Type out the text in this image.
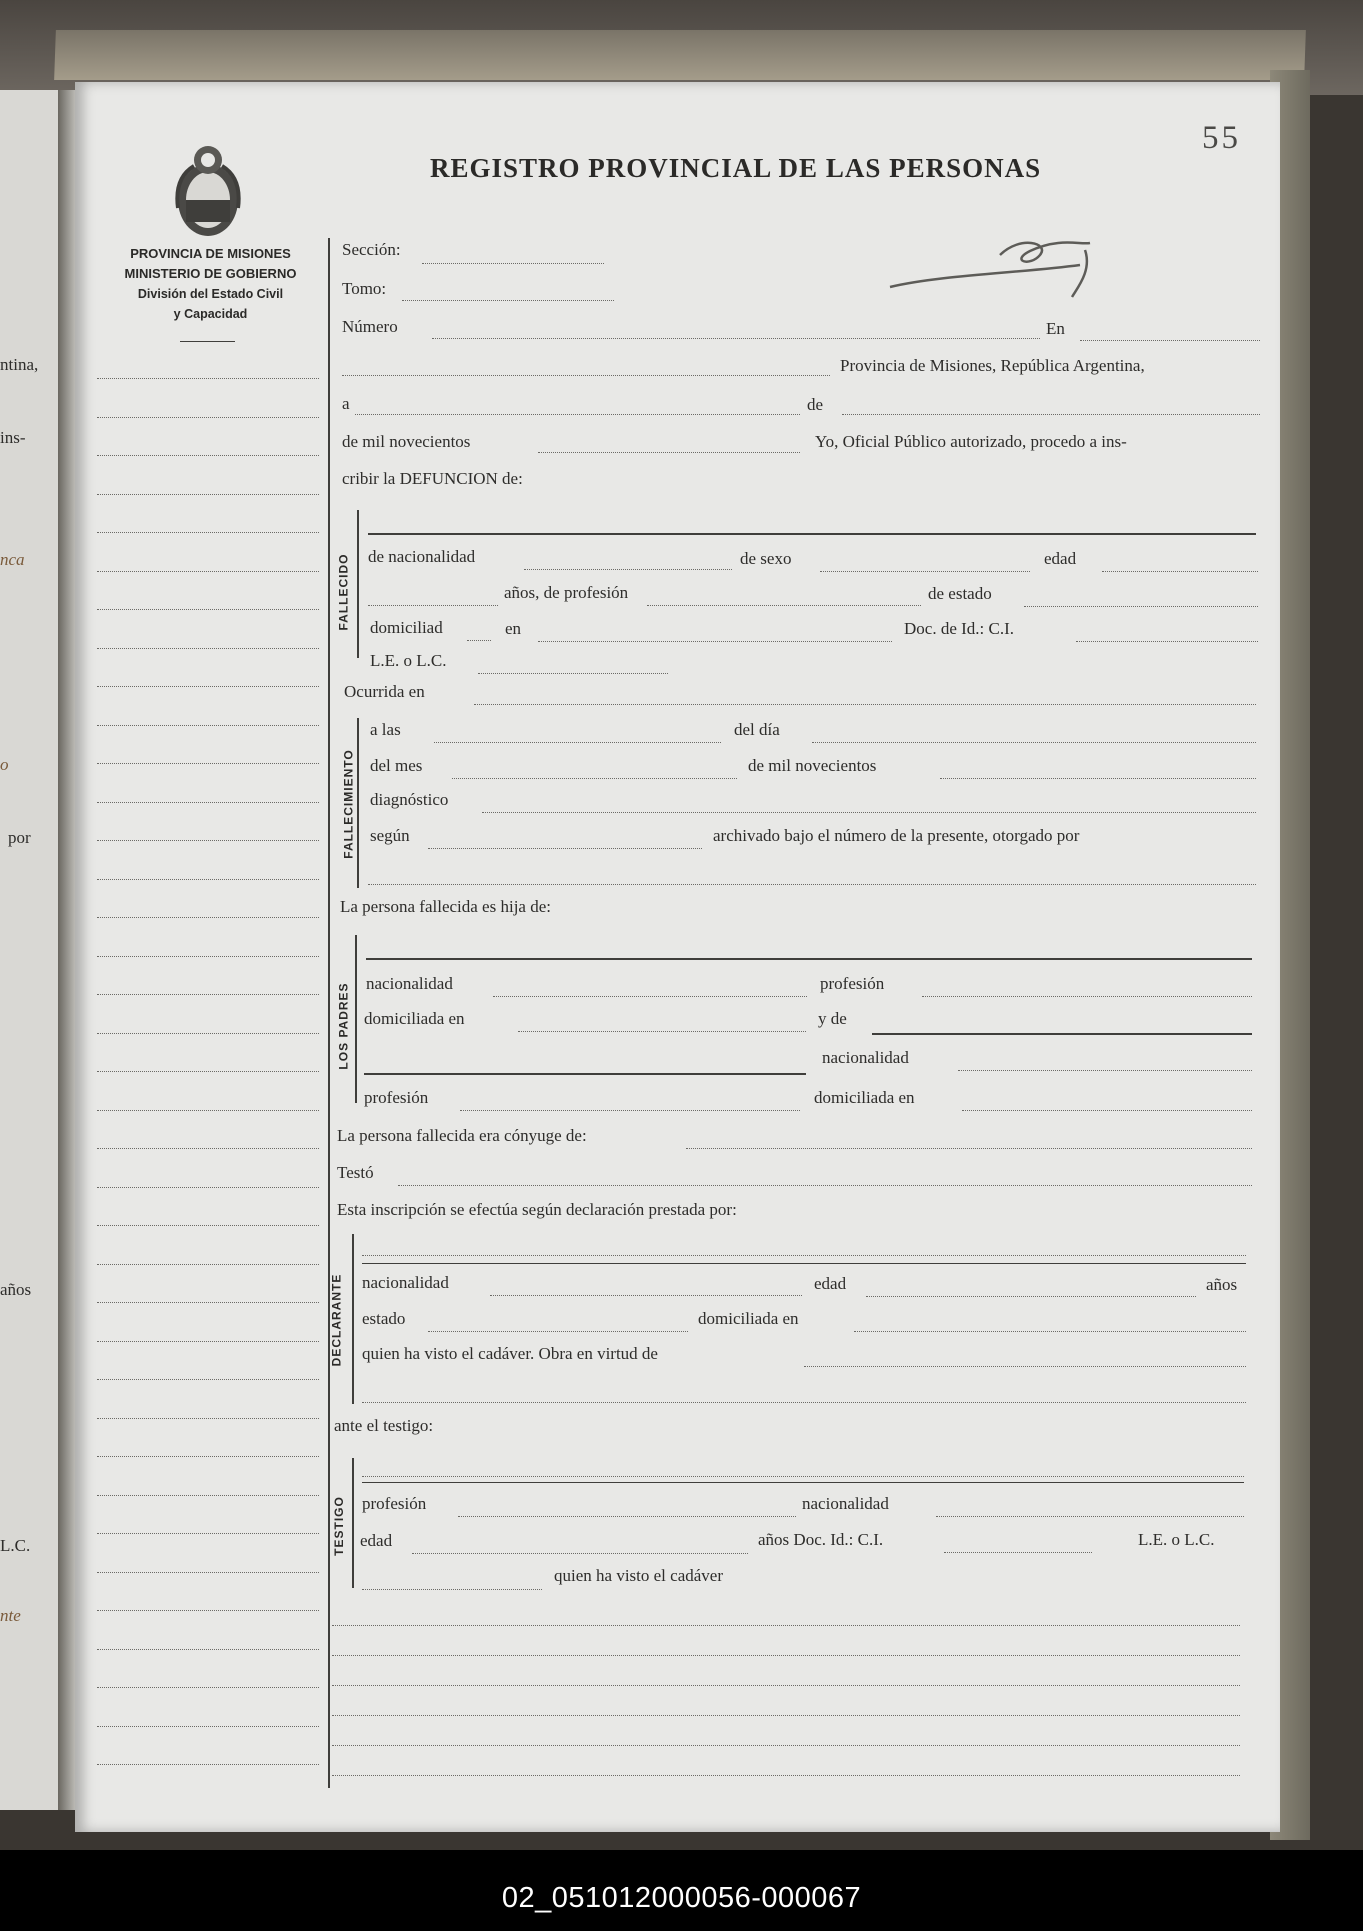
ntina,
ins-
nca
o
por
años
L.C.
nte
PROVINCIA DE MISIONES
MINISTERIO DE GOBIERNO
División del Estado Civil
y Capacidad
REGISTRO PROVINCIAL DE LAS PERSONAS
55
Sección:
Tomo:
Número	En
Provincia de Misiones, República Argentina,
a	de
de mil novecientos	Yo, Oficial Público autorizado, procedo a ins-
cribir la DEFUNCION de:
FALLECIDO de nacionalidad	de sexo	edad
años, de profesión	de estado
domiciliad	en	Doc. de Id.: C.I.
L.E. o L.C.
Ocurrida en
FALLECIMIENTO
a las	del día
del mes	de mil novecientos
diagnóstico
según	archivado bajo el número de la presente, otorgado por
La persona fallecida es hija de:
LOS PADRES nacionalidad	profesión
domiciliada en	y de
nacionalidad
profesión	domiciliada en
La persona fallecida era cónyuge de:
Testó
Esta inscripción se efectúa según declaración prestada por:
DECLARANTE nacionalidad	edad	años
estado	domiciliada en
quien ha visto el cadáver. Obra en virtud de
ante el testigo:
TESTIGO profesión	nacionalidad
edad	años Doc. Id.: C.I.	L.E. o L.C.
quien ha visto el cadáver
02_051012000056-000067
